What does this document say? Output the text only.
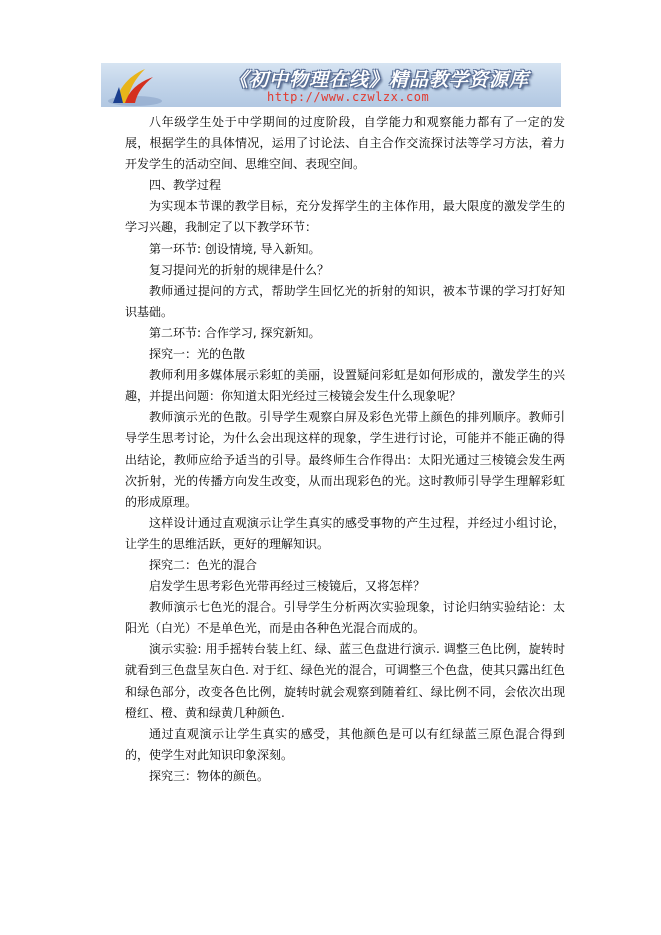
《初中物理在线》精品教学资源库
http://www.czwlzx.com

八年级学生处于中学期间的过度阶段，自学能力和观察能力都有了一定的发展，根据学生的具体情况，运用了讨论法、自主合作交流探讨法等学习方法，着力开发学生的活动空间、思维空间、表现空间。

四、教学过程

为实现本节课的教学目标，充分发挥学生的主体作用，最大限度的激发学生的学习兴趣，我制定了以下教学环节：

第一环节: 创设情境, 导入新知。

复习提问光的折射的规律是什么？

教师通过提问的方式，帮助学生回忆光的折射的知识，被本节课的学习打好知识基础。

第二环节: 合作学习, 探究新知。

探究一：光的色散

教师利用多媒体展示彩虹的美丽，设置疑问彩虹是如何形成的，激发学生的兴趣，并提出问题：你知道太阳光经过三棱镜会发生什么现象呢？

教师演示光的色散。引导学生观察白屏及彩色光带上颜色的排列顺序。教师引导学生思考讨论，为什么会出现这样的现象，学生进行讨论，可能并不能正确的得出结论，教师应给予适当的引导。最终师生合作得出：太阳光通过三棱镜会发生两次折射，光的传播方向发生改变，从而出现彩色的光。这时教师引导学生理解彩虹的形成原理。

这样设计通过直观演示让学生真实的感受事物的产生过程，并经过小组讨论，让学生的思维活跃，更好的理解知识。

探究二：色光的混合

启发学生思考彩色光带再经过三棱镜后，又将怎样？

教师演示七色光的混合。引导学生分析两次实验现象，讨论归纳实验结论：太阳光（白光）不是单色光，而是由各种色光混合而成的。

演示实验: 用手摇转台装上红、绿、蓝三色盘进行演示. 调整三色比例，旋转时就看到三色盘呈灰白色. 对于红、绿色光的混合，可调整三个色盘，使其只露出红色和绿色部分，改变各色比例，旋转时就会观察到随着红、绿比例不同，会依次出现橙红、橙、黄和绿黄几种颜色.

通过直观演示让学生真实的感受，其他颜色是可以有红绿蓝三原色混合得到的，使学生对此知识印象深刻。

探究三：物体的颜色。
